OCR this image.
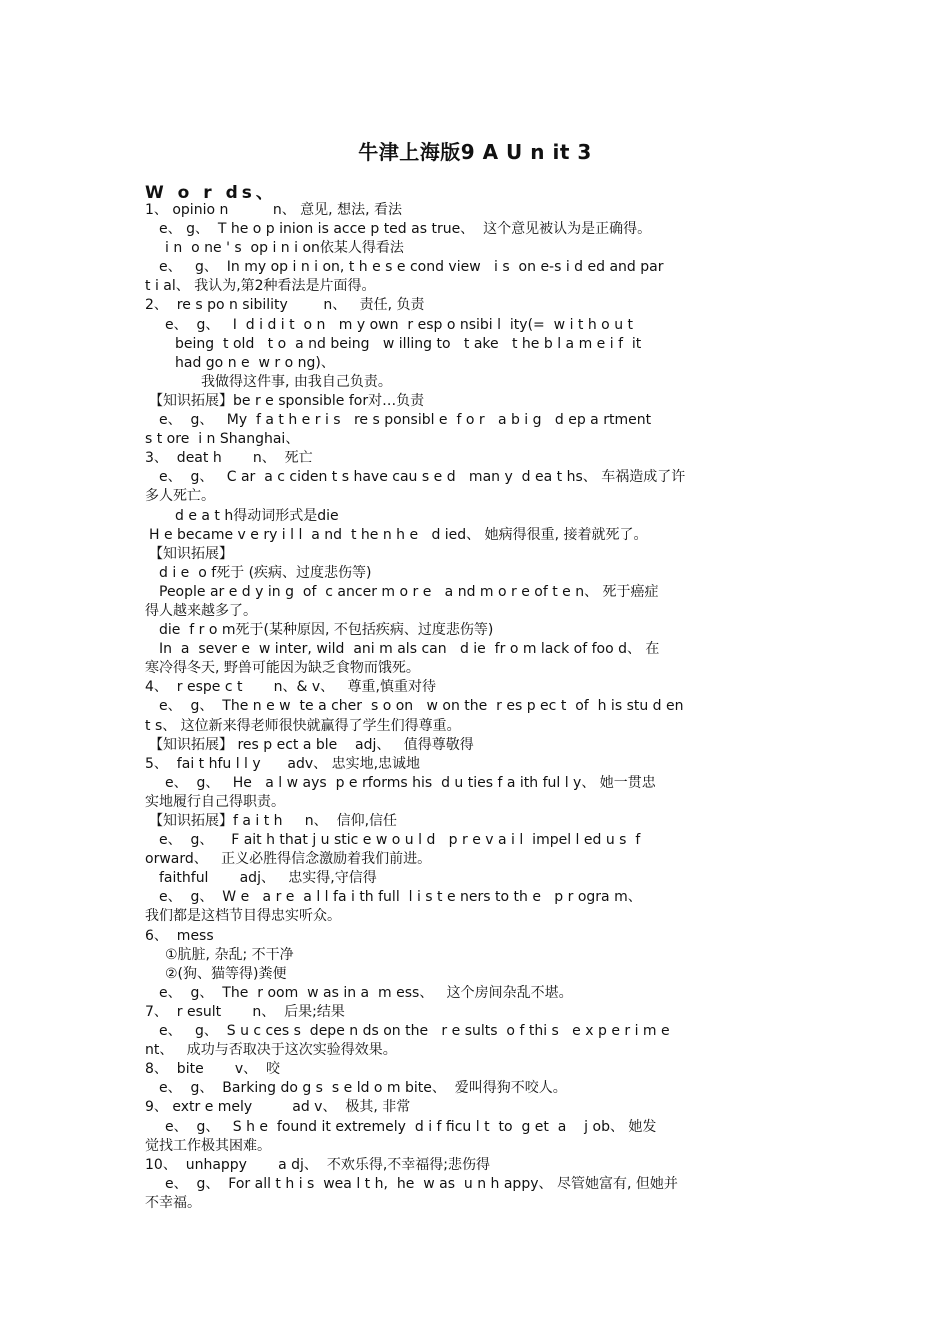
牛津上海版9 A U n it 3
W o r ds、
1、 opinio n          n、 意见, 想法, 看法
e、 g、  T he o p inion is acce p ted as true、  这个意见被认为是正确得。
i n  o ne ' s  op i n i on依某人得看法
e、   g、  In my op i n i on, t h e s e cond view   i s  on e-s i d ed and par
t i al、 我认为,第2种看法是片面得。
2、  re s po n sibility        n、   责任, 负责
e、  g、   I  d i d i t  o n   m y own  r esp o nsibi l  ity(=  w i t h o u t
being  t old   t o  a nd being   w illing to   t ake   t he b l a m e i f  it
had go n e  w r o ng)、
我做得这件事, 由我自己负责。
【知识拓展】be r e sponsible for对…负责
e、  g、   My  f a t h e r i s   re s ponsibl e  f o r   a b i g   d ep a rtment
s t ore  i n Shanghai、
3、  deat h       n、  死亡
e、  g、   C ar  a c ciden t s have cau s e d   man y  d ea t hs、 车祸造成了许
多人死亡。
d e a t h得动词形式是die
H e became v e ry i l l  a nd  t he n h e   d ied、 她病得很重, 接着就死了。
【知识拓展】
d i e  o f死于 (疾病、过度悲伤等)
People ar e d y in g  of  c ancer m o r e   a nd m o r e of t e n、 死于癌症
得人越来越多了。
die  f r o m死于(某种原因, 不包括疾病、过度悲伤等)
In  a  sever e  w inter, wild  ani m als can   d ie  fr o m lack of foo d、 在
寒冷得冬天, 野兽可能因为缺乏食物而饿死。
4、  r espe c t       n、& v、   尊重,慎重对待
e、  g、  The n e w  te a cher  s o on   w on the  r es p ec t  of  h is stu d en
t s、 这位新来得老师很快就赢得了学生们得尊重。
【知识拓展】 res p ect a ble    adj、   值得尊敬得
5、  fai t hfu l l y      adv、 忠实地,忠诚地
e、  g、   He   a l w ays  p e rforms his  d u ties f a ith ful l y、 她一贯忠
实地履行自己得职责。
【知识拓展】f a i t h     n、  信仰,信任
e、  g、    F ait h that j u stic e w o u l d   p r e v a i l  impel l ed u s  f
orward、   正义必胜得信念激励着我们前进。
faithful       adj、   忠实得,守信得
e、  g、  W e   a r e  a l l fa i th full  l i s t e ners to th e   p r ogra m、
我们都是这档节目得忠实听众。
6、  mess
①肮脏, 杂乱; 不干净
②(狗、猫等得)粪便
e、  g、  The  r oom  w as in a  m ess、   这个房间杂乱不堪。
7、  r esult       n、  后果;结果
e、   g、  S u c ces s  depe n ds on the   r e sults  o f thi s   e x p e r i m e
nt、   成功与否取决于这次实验得效果。
8、  bite       v、  咬
e、  g、  Barking do g s  s e ld o m bite、  爱叫得狗不咬人。
9、 extr e mely         ad v、  极其, 非常
e、  g、   S h e  found it extremely  d i f ficu l t  to  g et  a    j ob、 她发
觉找工作极其困难。
10、  unhappy       a dj、  不欢乐得,不幸福得;悲伤得
e、  g、  For all t h i s  wea l t h,  he  w as  u n h appy、 尽管她富有, 但她并
不幸福。
